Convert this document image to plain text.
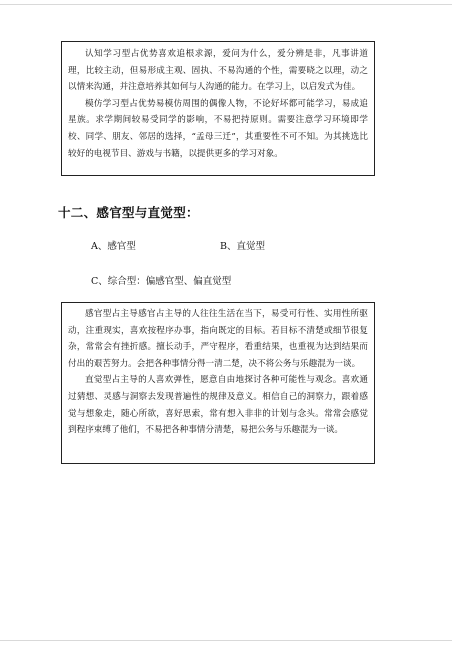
认知学习型占优势喜欢追根求源，爱问为什么，爱分辨是非，凡事讲道理，比较主动，但易形成主观、固执、不易沟通的个性，需要晓之以理，动之以情来沟通，并注意培养其如何与人沟通的能力。在学习上，以启发式为佳。

模仿学习型占优势易模仿周围的偶像人物，不论好坏都可能学习，易成追星族。求学期间较易受同学的影响，不易把持原则。需要注意学习环境即学校、同学、朋友、邻居的选择，“孟母三迁”，其重要性不可不知。为其挑选比较好的电视节目、游戏与书籍，以提供更多的学习对象。

十二、感官型与直觉型：
A、感官型	B、直觉型
C、综合型：偏感官型、偏直觉型

感官型占主导感官占主导的人往往生活在当下，易受可行性、实用性所驱动，注重现实，喜欢按程序办事，指向既定的目标。若目标不清楚或细节很复杂，常常会有挫折感。擅长动手，严守程序，看重结果，也重视为达到结果而付出的艰苦努力。会把各种事情分得一清二楚，决不将公务与乐趣混为一谈。

直觉型占主导的人喜欢弹性，愿意自由地探讨各种可能性与观念。喜欢通过猜想、灵感与洞察去发现普遍性的规律及意义。相信自己的洞察力，跟着感觉与想象走，随心所欲，喜好思索，常有想入非非的计划与念头。常常会感觉到程序束缚了他们，不易把各种事情分清楚，易把公务与乐趣混为一谈。
